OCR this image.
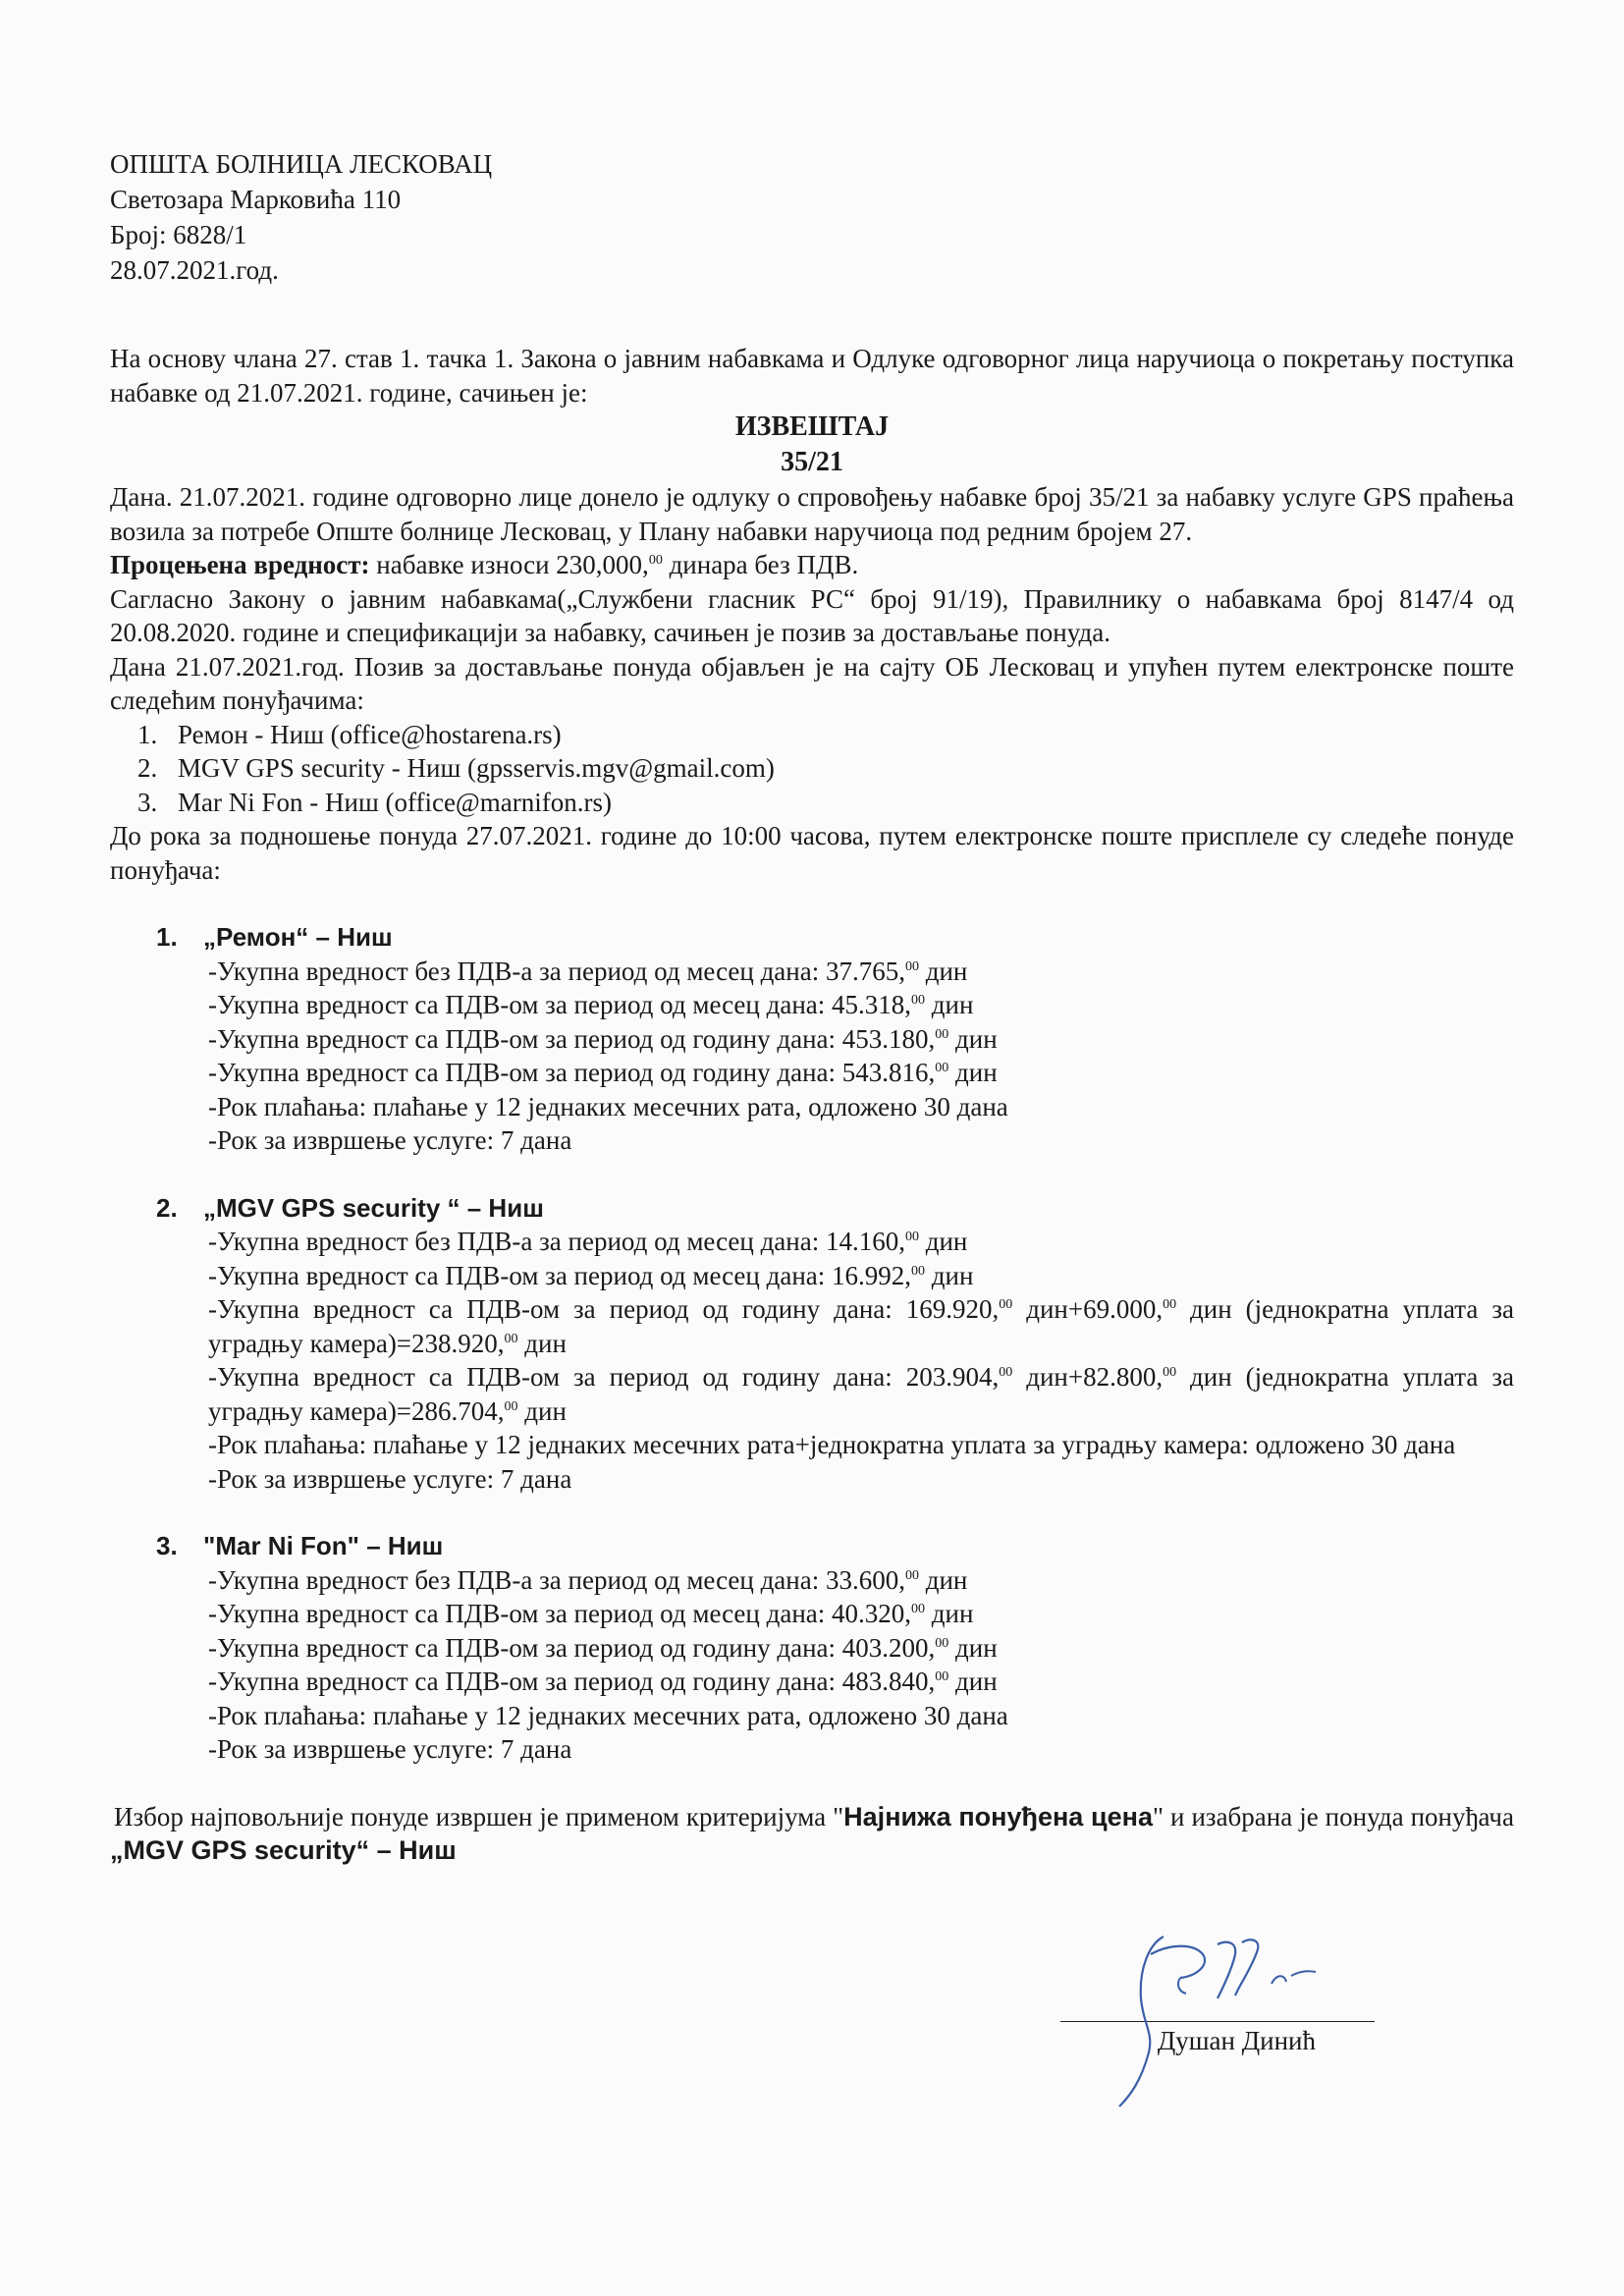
ОПШТА БОЛНИЦА ЛЕСКОВАЦ
Светозара Марковића 110
Број: 6828/1
28.07.2021.год.

На основу члана 27. став 1. тачка 1. Закона о јавним набавкама и Одлуке одговорног лица наручиоца о покретању поступка набавке од 21.07.2021. године, сачињен је:

ИЗВЕШТАЈ
35/21

Дана. 21.07.2021. године одговорно лице донело је одлуку о спровођењу набавке број 35/21 за набавку услуге GPS праћења возила за потребе Опште болнице Лесковац, у Плану набавки наручиоца под редним бројем 27.

Процењена вредност: набавке износи 230,000,00 динара без ПДВ.

Сагласно Закону о јавним набавкама(„Службени гласник РС“ број 91/19), Правилнику о набавкама број 8147/4 од 20.08.2020. године и спецификацији за набавку, сачињен је позив за достављање понуда.

Дана 21.07.2021.год. Позив за достављање понуда објављен је на сајту ОБ Лесковац и упућен путем електронске поште следећим понуђачима:

1. Ремон - Ниш (office@hostarena.rs)
2. MGV GPS security - Ниш (gpsservis.mgv@gmail.com)
3. Mar Ni Fon - Ниш (office@marnifon.rs)

До рока за подношење понуда 27.07.2021. године до 10:00 часова, путем електронске поште присплеле су следеће понуде понуђача:

1. „Ремон“ – Ниш
-Укупна вредност без ПДВ-а за период од месец дана: 37.765,00 дин
-Укупна вредност са ПДВ-ом за период од месец дана: 45.318,00 дин
-Укупна вредност са ПДВ-ом за период од годину дана: 453.180,00 дин
-Укупна вредност са ПДВ-ом за период од годину дана: 543.816,00 дин
-Рок плаћања: плаћање у 12 једнаких месечних рата, одложено 30 дана
-Рок за извршење услуге: 7 дана
2. „MGV GPS security “ – Ниш
-Укупна вредност без ПДВ-а за период од месец дана: 14.160,00 дин
-Укупна вредност са ПДВ-ом за период од месец дана: 16.992,00 дин
-Укупна вредност са ПДВ-ом за период од годину дана: 169.920,00 дин+69.000,00 дин (једнократна уплата за уградњу камера)=238.920,00 дин
-Укупна вредност са ПДВ-ом за период од годину дана: 203.904,00 дин+82.800,00 дин (једнократна уплата за уградњу камера)=286.704,00 дин
-Рок плаћања: плаћање у 12 једнаких месечних рата+једнократна уплата за уградњу камера: одложено 30 дана
-Рок за извршење услуге: 7 дана
3. "Mar Ni Fon" – Ниш
-Укупна вредност без ПДВ-а за период од месец дана: 33.600,00 дин
-Укупна вредност са ПДВ-ом за период од месец дана: 40.320,00 дин
-Укупна вредност са ПДВ-ом за период од годину дана: 403.200,00 дин
-Укупна вредност са ПДВ-ом за период од годину дана: 483.840,00 дин
-Рок плаћања: плаћање у 12 једнаких месечних рата, одложено 30 дана
-Рок за извршење услуге: 7 дана

Избор најповољније понуде извршен је применом критеријума "Најнижа понуђена цена" и изабрана је понуда понуђача „MGV GPS security“ – Ниш

Душан Динић
